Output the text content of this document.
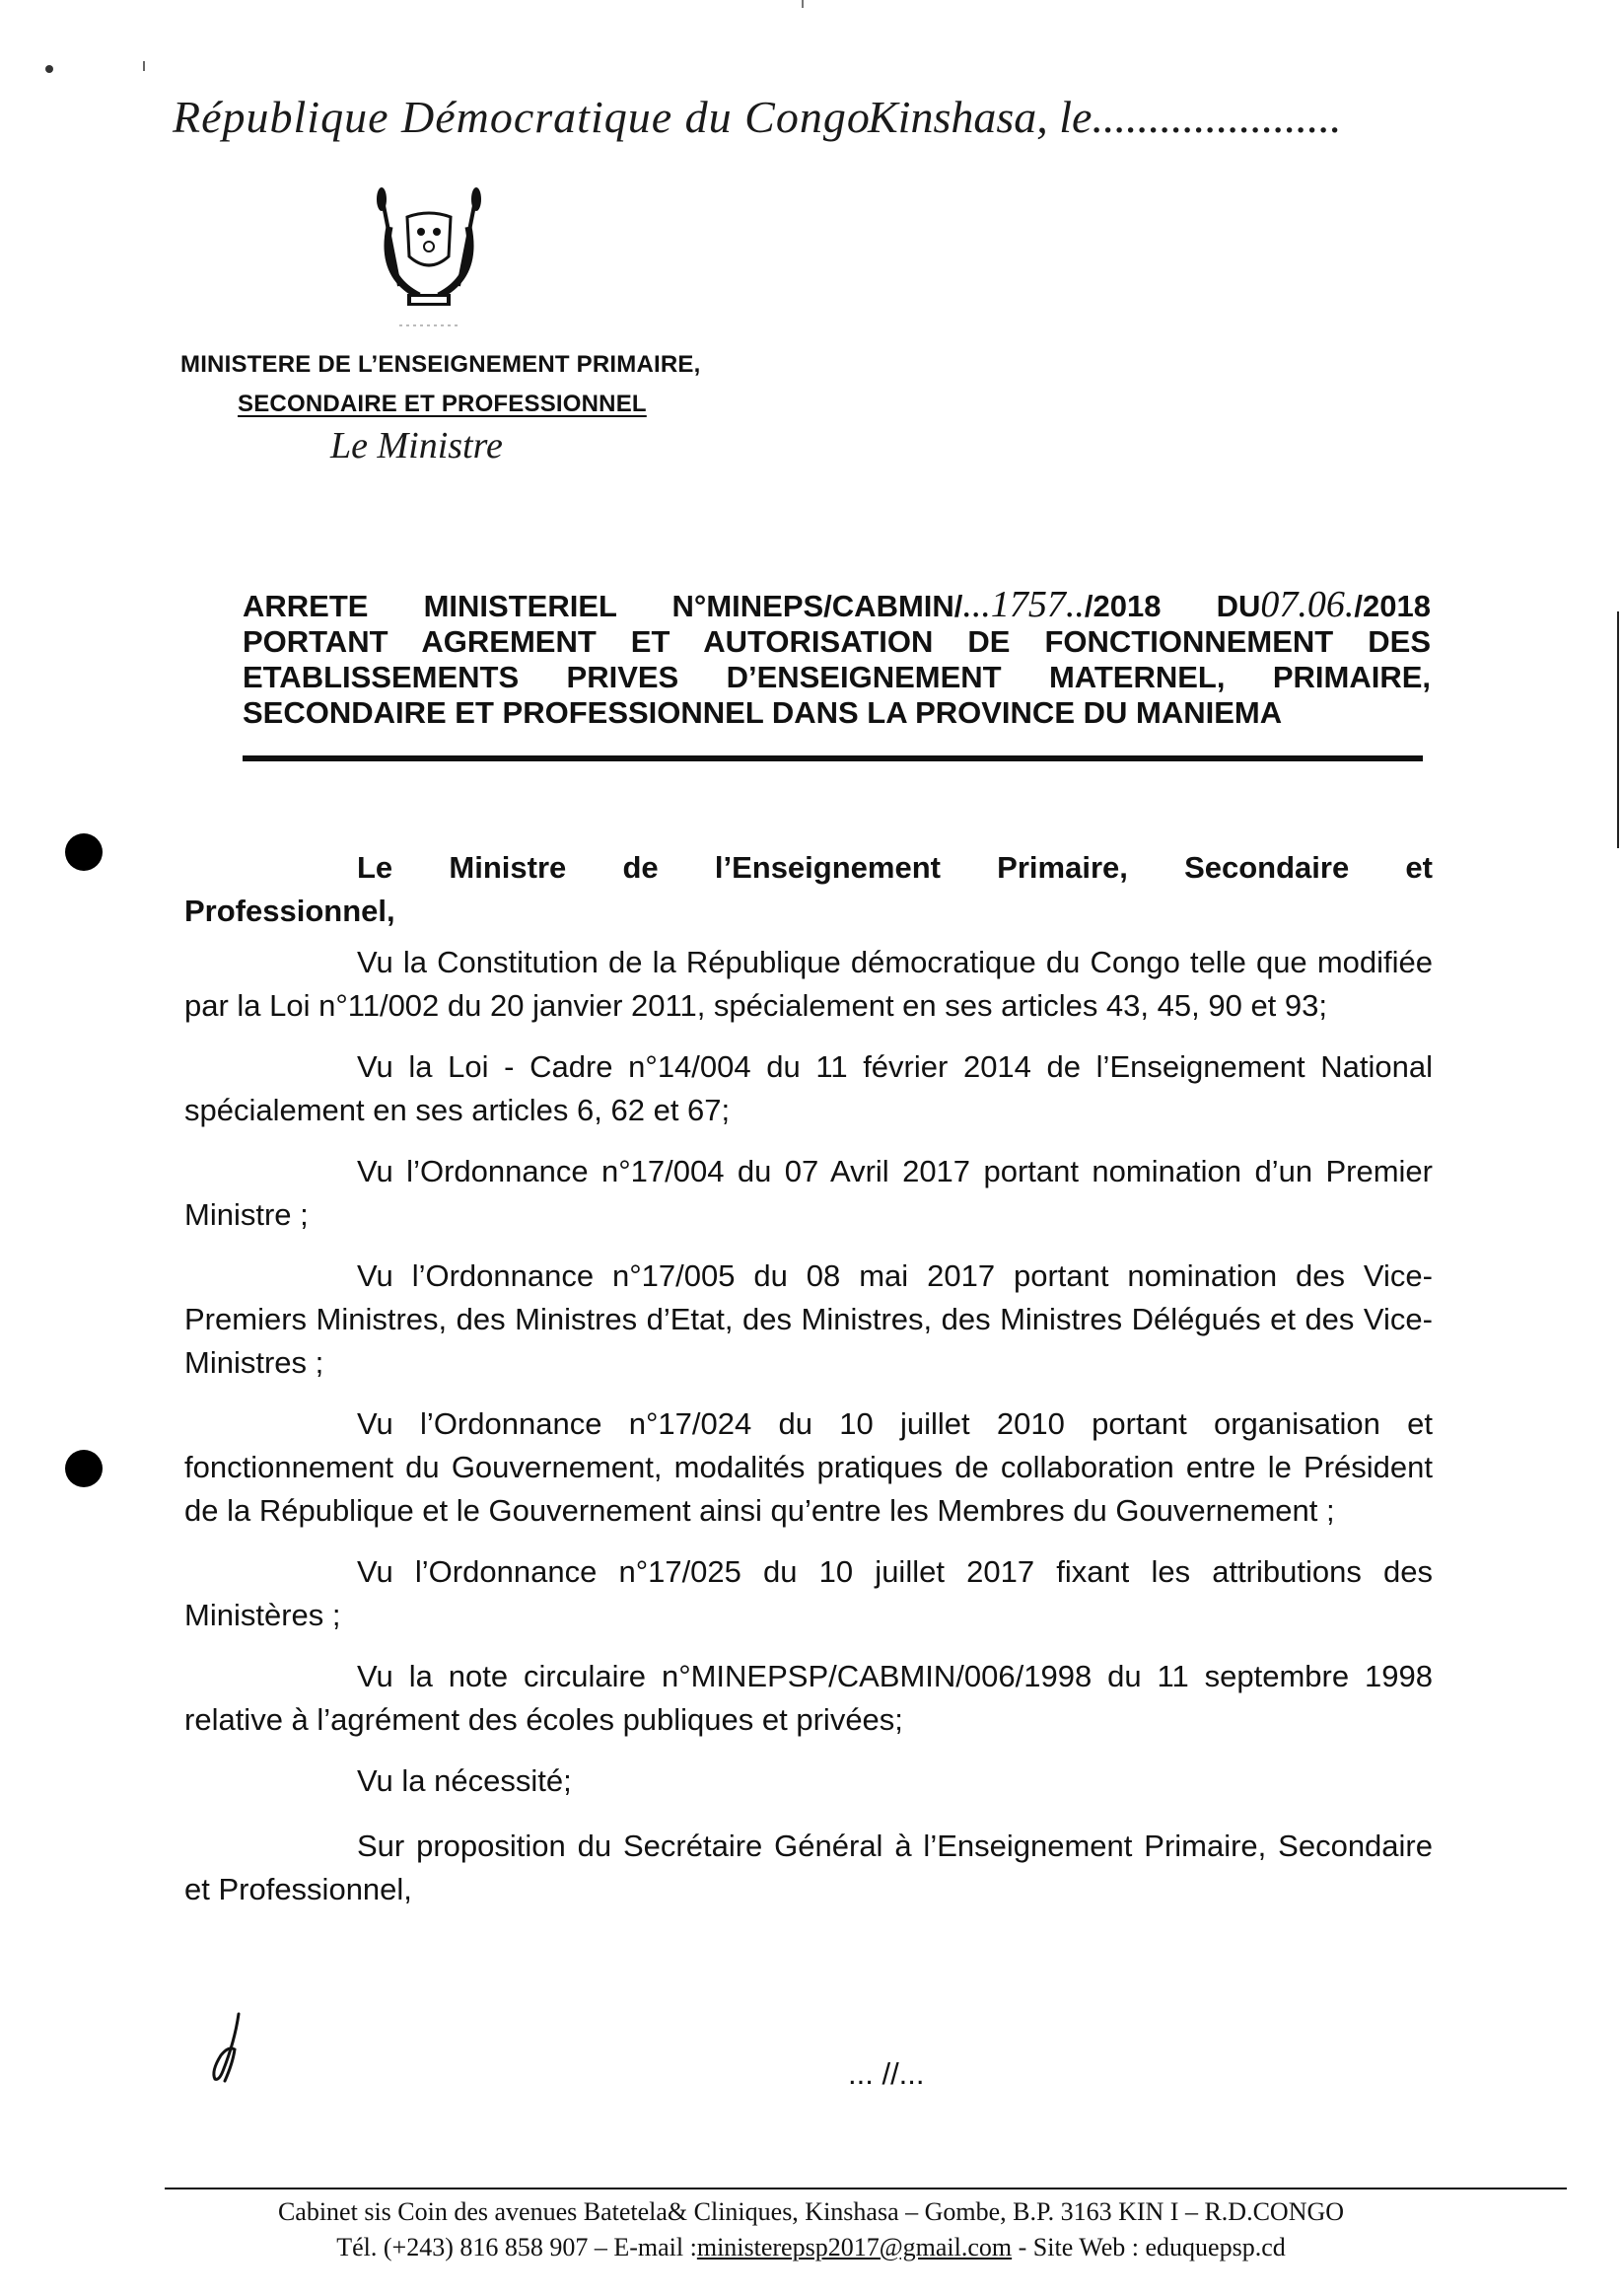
République Démocratique du Congo
Kinshasa, le......................
MINISTERE DE L’ENSEIGNEMENT PRIMAIRE,
SECONDAIRE ET PROFESSIONNEL
Le Ministre
ARRETE MINISTERIEL N°MINEPS/CABMIN/...1757../2018 DU07.06./2018
PORTANT AGREMENT ET AUTORISATION DE FONCTIONNEMENT DES
ETABLISSEMENTS PRIVES D’ENSEIGNEMENT MATERNEL, PRIMAIRE,
SECONDAIRE ET PROFESSIONNEL DANS LA PROVINCE DU MANIEMA
Le Ministre de l’Enseignement Primaire, Secondaire et
Professionnel,
Vu la Constitution de la République démocratique du Congo telle que modifiée par la Loi n°11/002 du 20 janvier 2011, spécialement en ses articles 43, 45, 90 et 93;
Vu la Loi - Cadre n°14/004 du 11 février 2014 de l’Enseignement National spécialement en ses articles 6, 62 et 67;
Vu l’Ordonnance n°17/004 du 07 Avril 2017 portant nomination d’un Premier Ministre ;
Vu l’Ordonnance n°17/005 du 08 mai 2017 portant nomination des Vice-Premiers Ministres, des Ministres d’Etat, des Ministres, des Ministres Délégués et des Vice-Ministres ;
Vu l’Ordonnance n°17/024 du 10 juillet 2010 portant organisation et fonctionnement du Gouvernement, modalités pratiques de collaboration entre le Président de la République et le Gouvernement ainsi qu’entre les Membres du Gouvernement ;
Vu l’Ordonnance n°17/025 du 10 juillet 2017 fixant les attributions des Ministères ;
Vu la note circulaire n°MINEPSP/CABMIN/006/1998 du 11 septembre 1998 relative à l’agrément des écoles publiques et privées;
Vu la nécessité;
Sur proposition du Secrétaire Général à l’Enseignement Primaire, Secondaire et Professionnel,
... //...
Cabinet sis Coin des avenues Batetela& Cliniques, Kinshasa – Gombe, B.P. 3163 KIN I – R.D.CONGO
Tél. (+243) 816 858 907 – E-mail :ministerepsp2017@gmail.com - Site Web : eduquepsp.cd
